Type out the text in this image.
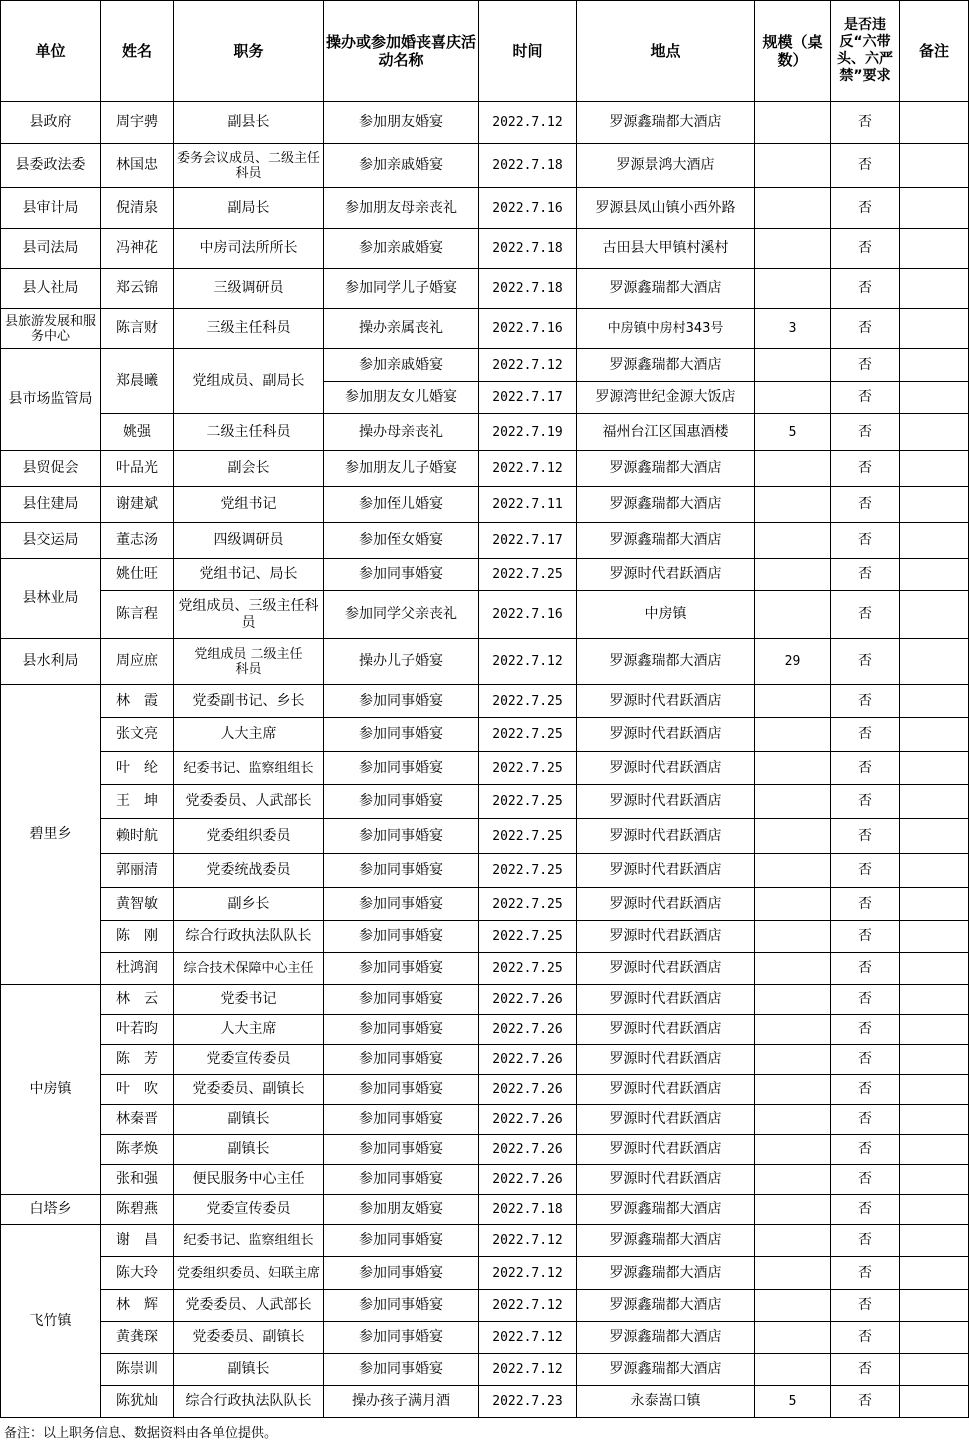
单位	姓名	职务	操办或参加婚丧喜庆活动名称	时间	地点	规模（桌数）	是否违反“六带头、六严禁”要求	备注
县政府	周宇骋	副县长	参加朋友婚宴	2022.7.12	罗源鑫瑞都大酒店		否	
县委政法委	林国忠	委务会议成员、二级主任科员	参加亲戚婚宴	2022.7.18	罗源景鸿大酒店		否	
县审计局	倪清泉	副局长	参加朋友母亲丧礼	2022.7.16	罗源县凤山镇小西外路		否	
县司法局	冯神花	中房司法所所长	参加亲戚婚宴	2022.7.18	古田县大甲镇村溪村		否	
县人社局	郑云锦	三级调研员	参加同学儿子婚宴	2022.7.18	罗源鑫瑞都大酒店		否	
县旅游发展和服务中心	陈言财	三级主任科员	操办亲属丧礼	2022.7.16	中房镇中房村343号	3	否	
县市场监管局	郑晨曦	党组成员、副局长	参加亲戚婚宴	2022.7.12	罗源鑫瑞都大酒店		否	
			参加朋友女儿婚宴	2022.7.17	罗源湾世纪金源大饭店		否	
	姚强	二级主任科员	操办母亲丧礼	2022.7.19	福州台江区国惠酒楼	5	否	
县贸促会	叶品光	副会长	参加朋友儿子婚宴	2022.7.12	罗源鑫瑞都大酒店		否	
县住建局	谢建斌	党组书记	参加侄儿婚宴	2022.7.11	罗源鑫瑞都大酒店		否	
县交运局	董志汤	四级调研员	参加侄女婚宴	2022.7.17	罗源鑫瑞都大酒店		否	
县林业局	姚仕旺	党组书记、局长	参加同事婚宴	2022.7.25	罗源时代君跃酒店		否	
	陈言程	党组成员、三级主任科员	参加同学父亲丧礼	2022.7.16	中房镇		否	
县水利局	周应庶	党组成员 二级主任科员	操办儿子婚宴	2022.7.12	罗源鑫瑞都大酒店	29	否	
碧里乡	林　霞	党委副书记、乡长	参加同事婚宴	2022.7.25	罗源时代君跃酒店		否	
	张文亮	人大主席	参加同事婚宴	2022.7.25	罗源时代君跃酒店		否	
	叶　纶	纪委书记、监察组组长	参加同事婚宴	2022.7.25	罗源时代君跃酒店		否	
	王　坤	党委委员、人武部长	参加同事婚宴	2022.7.25	罗源时代君跃酒店		否	
	赖时航	党委组织委员	参加同事婚宴	2022.7.25	罗源时代君跃酒店		否	
	郭丽清	党委统战委员	参加同事婚宴	2022.7.25	罗源时代君跃酒店		否	
	黄智敏	副乡长	参加同事婚宴	2022.7.25	罗源时代君跃酒店		否	
	陈　刚	综合行政执法队队长	参加同事婚宴	2022.7.25	罗源时代君跃酒店		否	
	杜鸿润	综合技术保障中心主任	参加同事婚宴	2022.7.25	罗源时代君跃酒店		否	
中房镇	林　云	党委书记	参加同事婚宴	2022.7.26	罗源时代君跃酒店		否	
	叶若昀	人大主席	参加同事婚宴	2022.7.26	罗源时代君跃酒店		否	
	陈　芳	党委宣传委员	参加同事婚宴	2022.7.26	罗源时代君跃酒店		否	
	叶　吹	党委委员、副镇长	参加同事婚宴	2022.7.26	罗源时代君跃酒店		否	
	林秦晋	副镇长	参加同事婚宴	2022.7.26	罗源时代君跃酒店		否	
	陈孝焕	副镇长	参加同事婚宴	2022.7.26	罗源时代君跃酒店		否	
	张和强	便民服务中心主任	参加同事婚宴	2022.7.26	罗源时代君跃酒店		否	
白塔乡	陈碧燕	党委宣传委员	参加朋友婚宴	2022.7.18	罗源鑫瑞都大酒店		否	
飞竹镇	谢　昌	纪委书记、监察组组长	参加同事婚宴	2022.7.12	罗源鑫瑞都大酒店		否	
	陈大玲	党委组织委员、妇联主席	参加同事婚宴	2022.7.12	罗源鑫瑞都大酒店		否	
	林　辉	党委委员、人武部长	参加同事婚宴	2022.7.12	罗源鑫瑞都大酒店		否	
	黄龚琛	党委委员、副镇长	参加同事婚宴	2022.7.12	罗源鑫瑞都大酒店		否	
	陈崇训	副镇长	参加同事婚宴	2022.7.12	罗源鑫瑞都大酒店		否	
	陈犹灿	综合行政执法队队长	操办孩子满月酒	2022.7.23	永泰嵩口镇	5	否	
备注：以上职务信息、数据资料由各单位提供。
